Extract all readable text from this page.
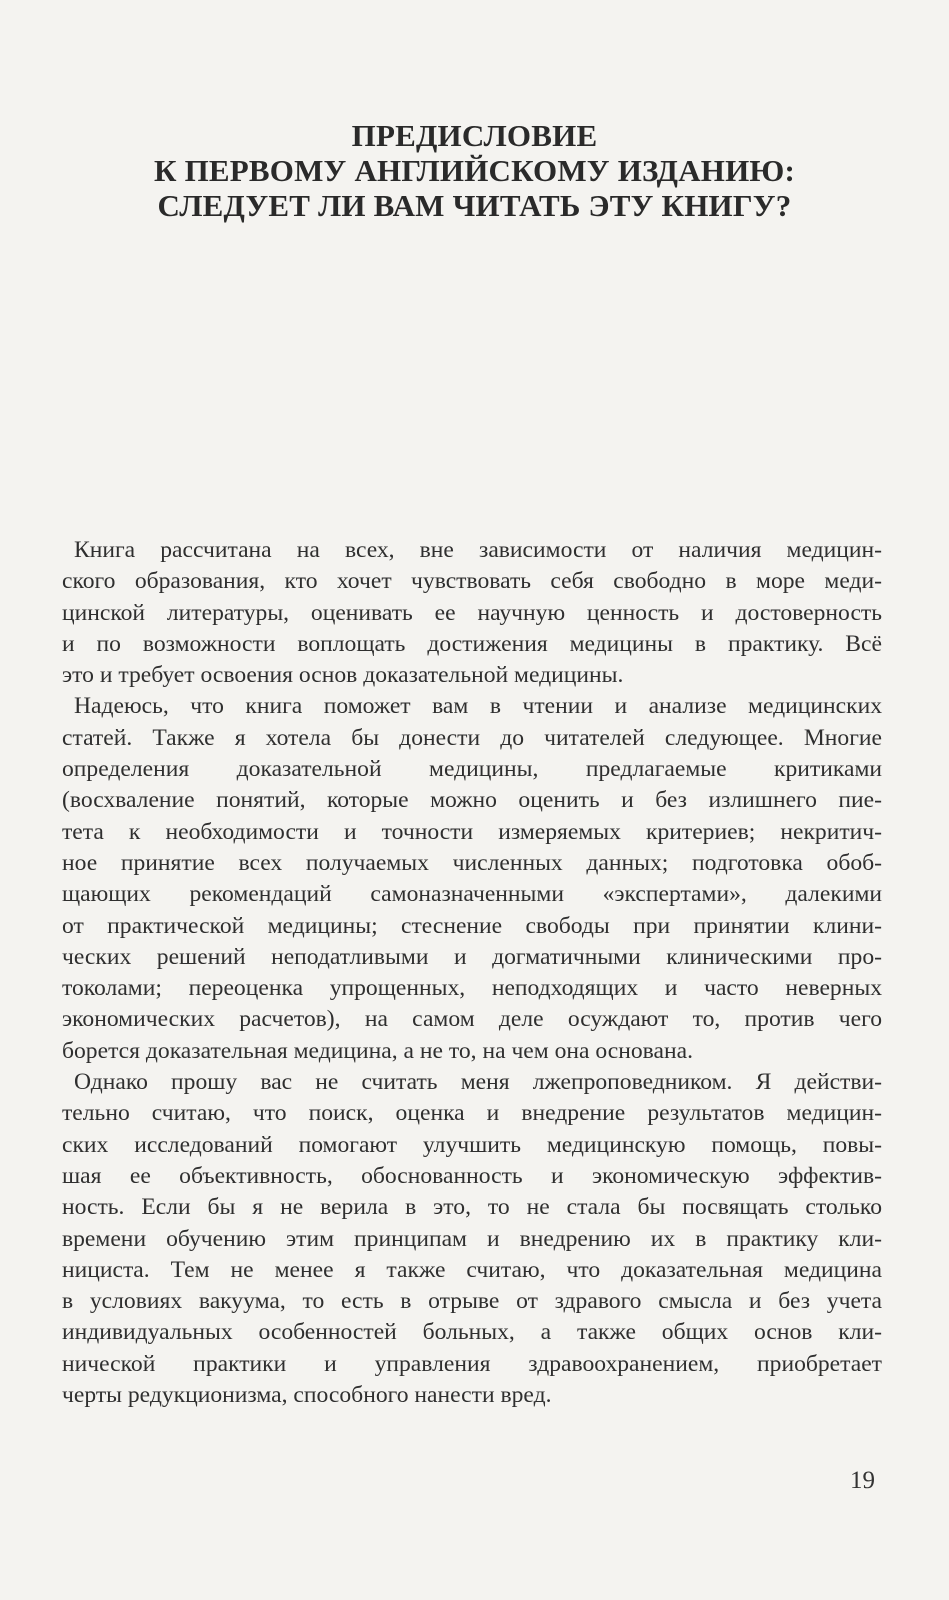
ПРЕДИСЛОВИЕ
К ПЕРВОМУ АНГЛИЙСКОМУ ИЗДАНИЮ:
СЛЕДУЕТ ЛИ ВАМ ЧИТАТЬ ЭТУ КНИГУ?
Книга рассчитана на всех, вне зависимости от наличия медицин-
ского образования, кто хочет чувствовать себя свободно в море меди-
цинской литературы, оценивать ее научную ценность и достоверность
и по возможности воплощать достижения медицины в практику. Всё
это и требует освоения основ доказательной медицины.
Надеюсь, что книга поможет вам в чтении и анализе медицинских
статей. Также я хотела бы донести до читателей следующее. Многие
определения доказательной медицины, предлагаемые критиками
(восхваление понятий, которые можно оценить и без излишнего пие-
тета к необходимости и точности измеряемых критериев; некритич-
ное принятие всех получаемых численных данных; подготовка обоб-
щающих рекомендаций самоназначенными «экспертами», далекими
от практической медицины; стеснение свободы при принятии клини-
ческих решений неподатливыми и догматичными клиническими про-
токолами; переоценка упрощенных, неподходящих и часто неверных
экономических расчетов), на самом деле осуждают то, против чего
борется доказательная медицина, а не то, на чем она основана.
Однако прошу вас не считать меня лжепроповедником. Я действи-
тельно считаю, что поиск, оценка и внедрение результатов медицин-
ских исследований помогают улучшить медицинскую помощь, повы-
шая ее объективность, обоснованность и экономическую эффектив-
ность. Если бы я не верила в это, то не стала бы посвящать столько
времени обучению этим принципам и внедрению их в практику кли-
ницистa. Тем не менее я также считаю, что доказательная медицина
в условиях вакуума, то есть в отрыве от здравого смысла и без учета
индивидуальных особенностей больных, а также общих основ кли-
нической практики и управления здравоохранением, приобретает
черты редукционизма, способного нанести вред.
19
